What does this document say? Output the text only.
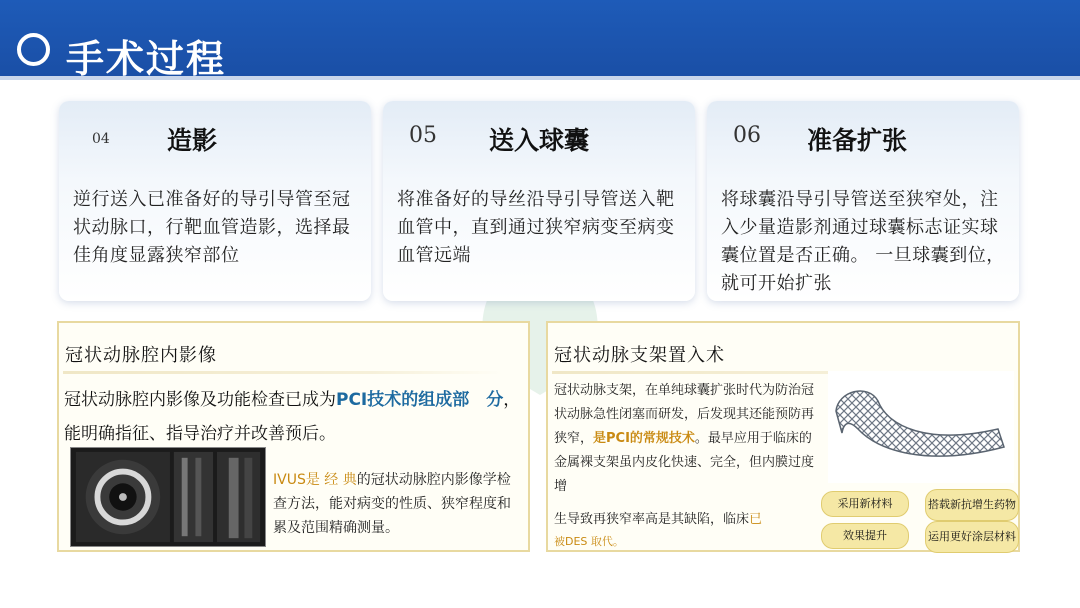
手术过程
04 造影
逆行送入已准备好的导引导管至冠状动脉口，行靶血管造影，选择最佳角度显露狭窄部位
05 送入球囊
将准备好的导丝沿导引导管送入靶血管中，直到通过狭窄病变至病变血管远端
06 准备扩张
将球囊沿导引导管送至狭窄处，注入少量造影剂通过球囊标志证实球囊位置是否正确。 一旦球囊到位，就可开始扩张
冠状动脉腔内影像
冠状动脉腔内影像及功能检查已成为PCI技术的组成部　分，能明确指征、指导治疗并改善预后。
IVUS是 经 典的冠状动脉腔内影像学检查方法，能对病变的性质、狭窄程度和累及范围精确测量。
冠状动脉支架置入术
冠状动脉支架，在单纯球囊扩张时代为防治冠状动脉急性闭塞而研发，后发现其还能预防再狭窄，是PCI的常规技术。最早应用于临床的金属裸支架虽内皮化快速、完全，但内膜过度增
生导致再狭窄率高是其缺陷，临床已
被DES 取代。
采用新材料	搭载新抗增生药物
效果提升	运用更好涂层材料
